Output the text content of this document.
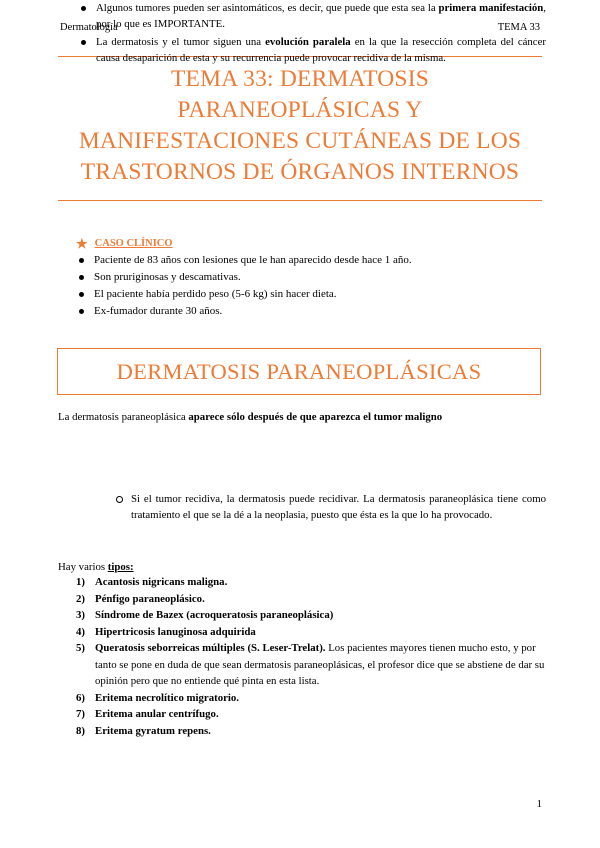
Dermatología	TEMA 33
TEMA 33: DERMATOSIS
PARANEOPLÁSICAS Y
MANIFESTACIONES CUTÁNEAS DE LOS
TRASTORNOS DE ÓRGANOS INTERNOS
★ CASO CLÍNICO
Paciente de 83 años con lesiones que le han aparecido desde hace 1 año.
Son pruriginosas y descamativas.
El paciente había perdido peso (5-6 kg) sin hacer dieta.
Ex-fumador durante 30 años.
DERMATOSIS PARANEOPLÁSICAS
La dermatosis paraneoplásica aparece sólo después de que aparezca el tumor maligno
Algunos tumores pueden ser asintomáticos, es decir, que puede que esta sea la primera manifestación, por lo que es IMPORTANTE.
La dermatosis y el tumor siguen una evolución paralela en la que la resección completa del cáncer causa desaparición de esta y su recurrencia puede provocar recidiva de la misma.
Si el tumor recidiva, la dermatosis puede recidivar. La dermatosis paraneoplásica tiene como tratamiento el que se la dé a la neoplasia, puesto que ésta es la que lo ha provocado.
Hay varios tipos:
1) Acantosis nigricans maligna.
2) Pénfigo paraneoplásico.
3) Síndrome de Bazex (acroqueratosis paraneoplásica)
4) Hipertricosis lanuginosa adquirida
5) Queratosis seborreicas múltiples (S. Leser-Trelat). Los pacientes mayores tienen mucho esto, y por tanto se pone en duda de que sean dermatosis paraneoplásicas, el profesor dice que se abstiene de dar su opinión pero que no entiende qué pinta en esta lista.
6) Eritema necrolítico migratorio.
7) Eritema anular centrífugo.
8) Eritema gyratum repens.
1
